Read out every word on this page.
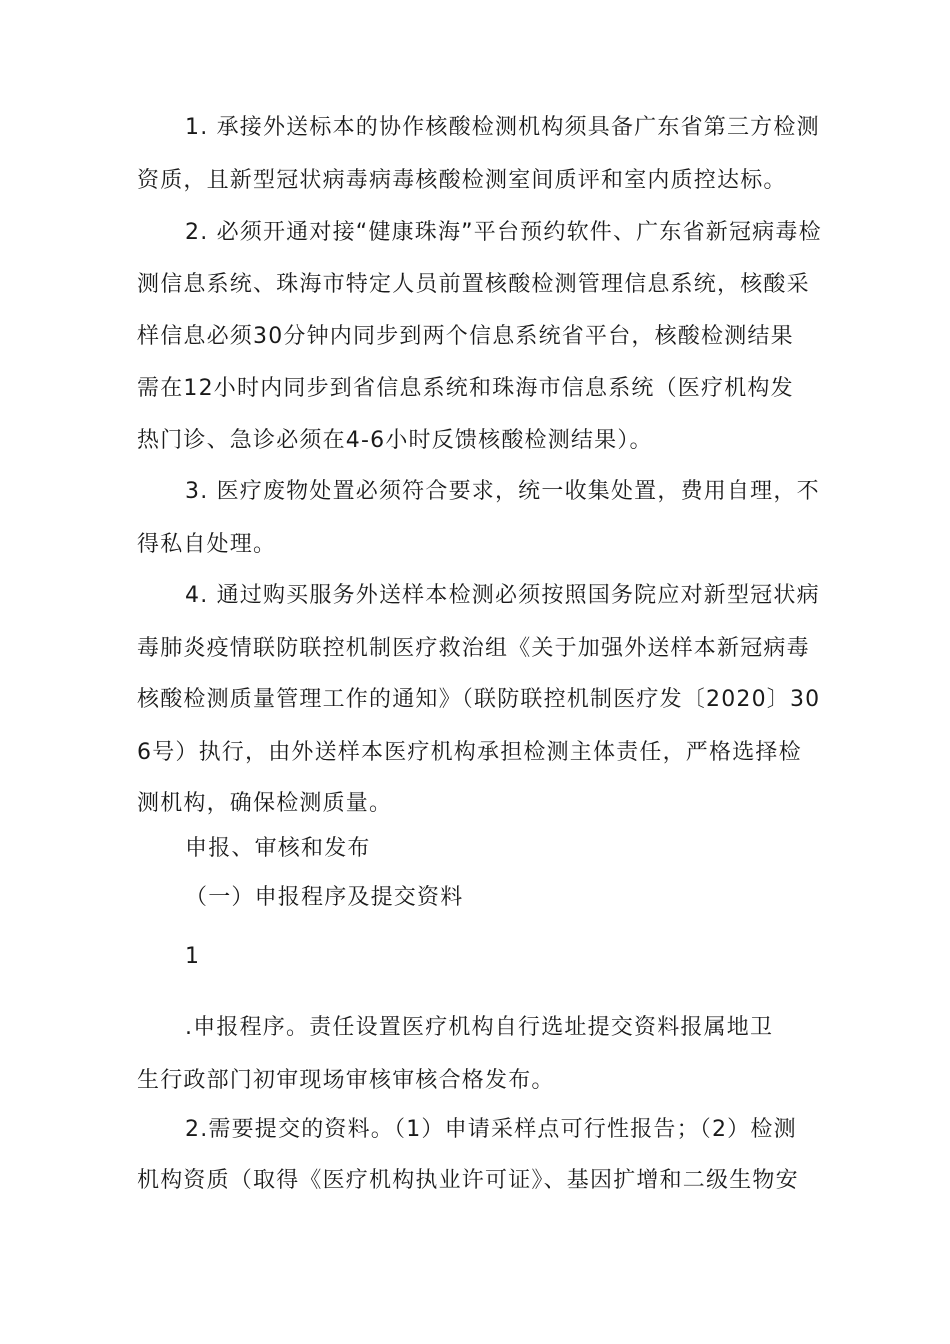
1. 承接外送标本的协作核酸检测机构须具备广东省第三方检测
资质，且新型冠状病毒病毒核酸检测室间质评和室内质控达标。
2. 必须开通对接“健康珠海”平台预约软件、广东省新冠病毒检
测信息系统、珠海市特定人员前置核酸检测管理信息系统，核酸采
样信息必须30分钟内同步到两个信息系统省平台，核酸检测结果
需在12小时内同步到省信息系统和珠海市信息系统（医疗机构发
热门诊、急诊必须在4-6小时反馈核酸检测结果）。
3. 医疗废物处置必须符合要求，统一收集处置，费用自理，不
得私自处理。
4. 通过购买服务外送样本检测必须按照国务院应对新型冠状病
毒肺炎疫情联防联控机制医疗救治组《关于加强外送样本新冠病毒
核酸检测质量管理工作的通知》（联防联控机制医疗发〔2020〕30
6号）执行，由外送样本医疗机构承担检测主体责任，严格选择检
测机构，确保检测质量。
申报、审核和发布
（一）申报程序及提交资料
1
.申报程序。责任设置医疗机构自行选址提交资料报属地卫
生行政部门初审现场审核审核合格发布。
2.需要提交的资料。（1）申请采样点可行性报告；（2）检测
机构资质（取得《医疗机构执业许可证》、基因扩增和二级生物安
